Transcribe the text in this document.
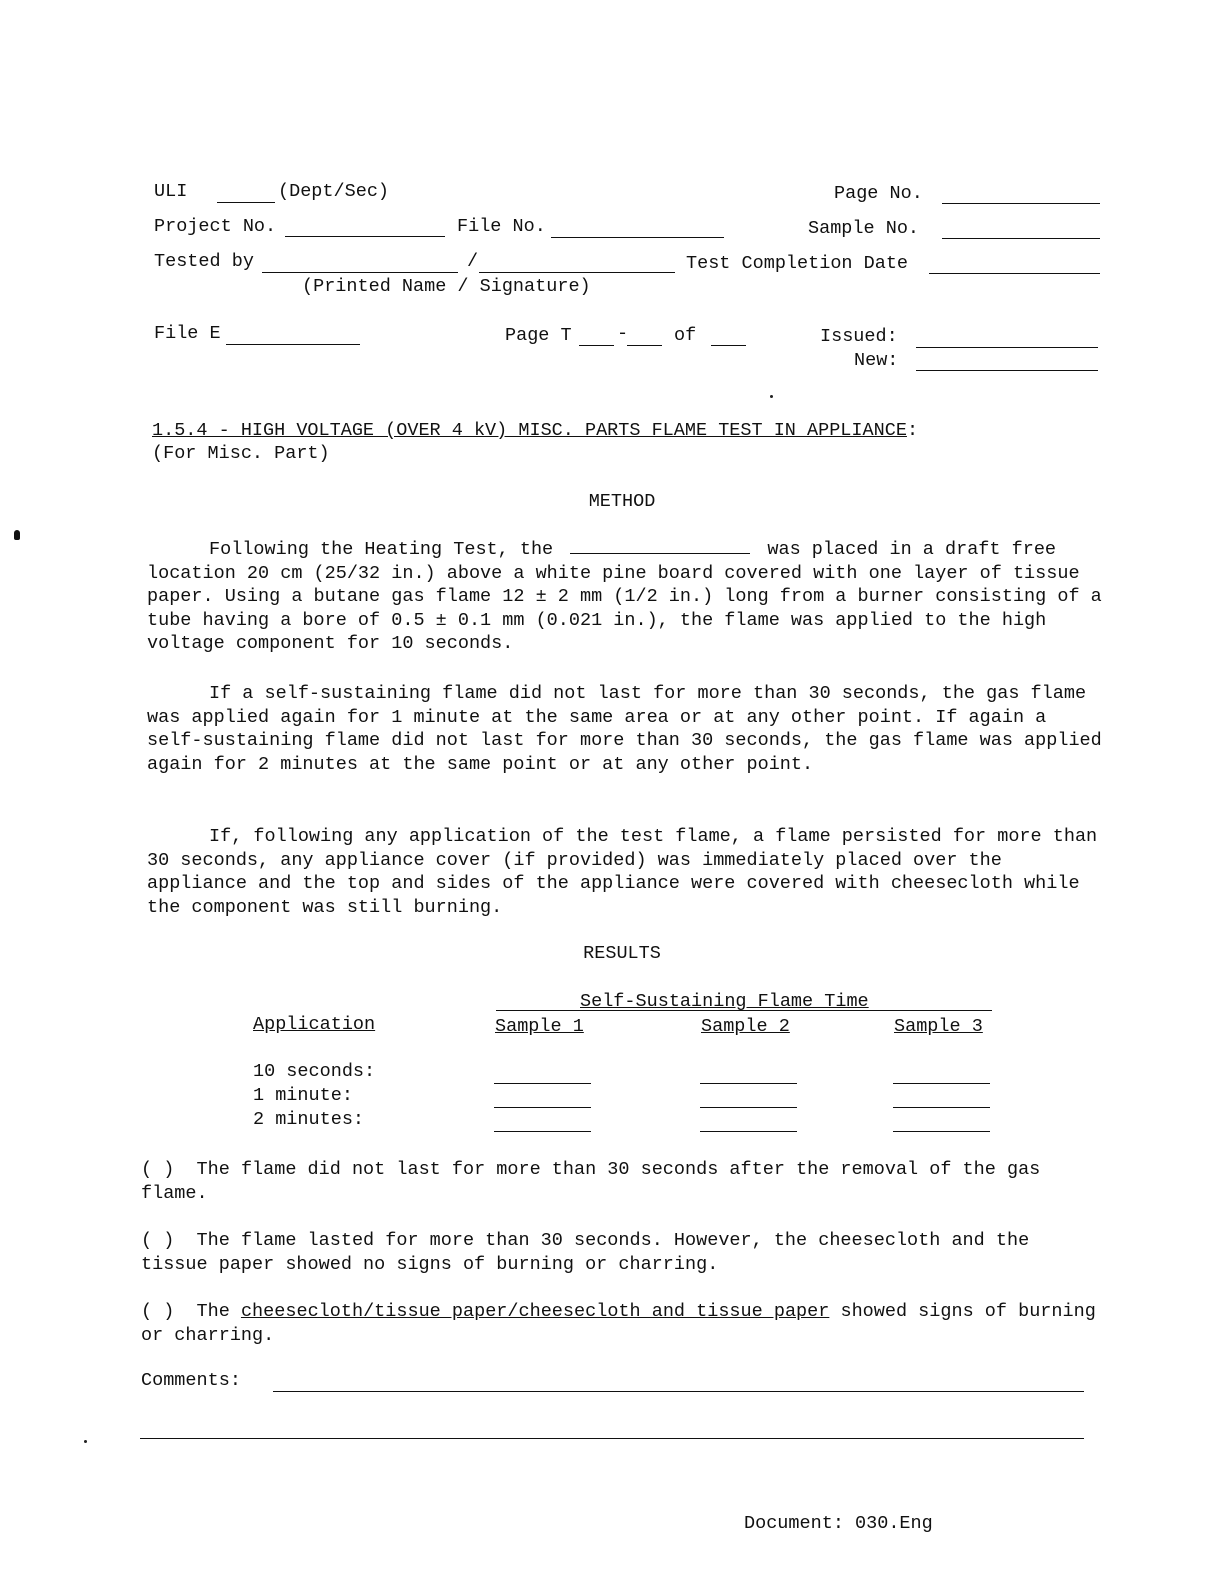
ULI	(Dept/Sec)	Page No.
Project No.	File No.	Sample No.
Tested by	/	Test Completion Date
(Printed Name / Signature)
File E	Page T - of	Issued:
New:
1.5.4 - HIGH VOLTAGE (OVER 4 kV) MISC. PARTS FLAME TEST IN APPLIANCE:
(For Misc. Part)
METHOD

Following the Heating Test, the	was placed in a draft free location 20 cm (25/32 in.) above a white pine board covered with one layer of tissue paper. Using a butane gas flame 12 ± 2 mm (1/2 in.) long from a burner consisting of a tube having a bore of 0.5 ± 0.1 mm (0.021 in.), the flame was applied to the high voltage component for 10 seconds.

If a self-sustaining flame did not last for more than 30 seconds, the gas flame was applied again for 1 minute at the same area or at any other point. If again a self-sustaining flame did not last for more than 30 seconds, the gas flame was applied again for 2 minutes at the same point or at any other point.

If, following any application of the test flame, a flame persisted for more than 30 seconds, any appliance cover (if provided) was immediately placed over the appliance and the top and sides of the appliance were covered with cheesecloth while the component was still burning.

RESULTS
Self-Sustaining Flame Time
Application	Sample 1	Sample 2	Sample 3
10 seconds:
1 minute:
2 minutes:

( ) The flame did not last for more than 30 seconds after the removal of the gas flame.

( ) The flame lasted for more than 30 seconds. However, the cheesecloth and the tissue paper showed no signs of burning or charring.

( ) The cheesecloth/tissue paper/cheesecloth and tissue paper showed signs of burning or charring.

Comments:
Document: 030.Eng
